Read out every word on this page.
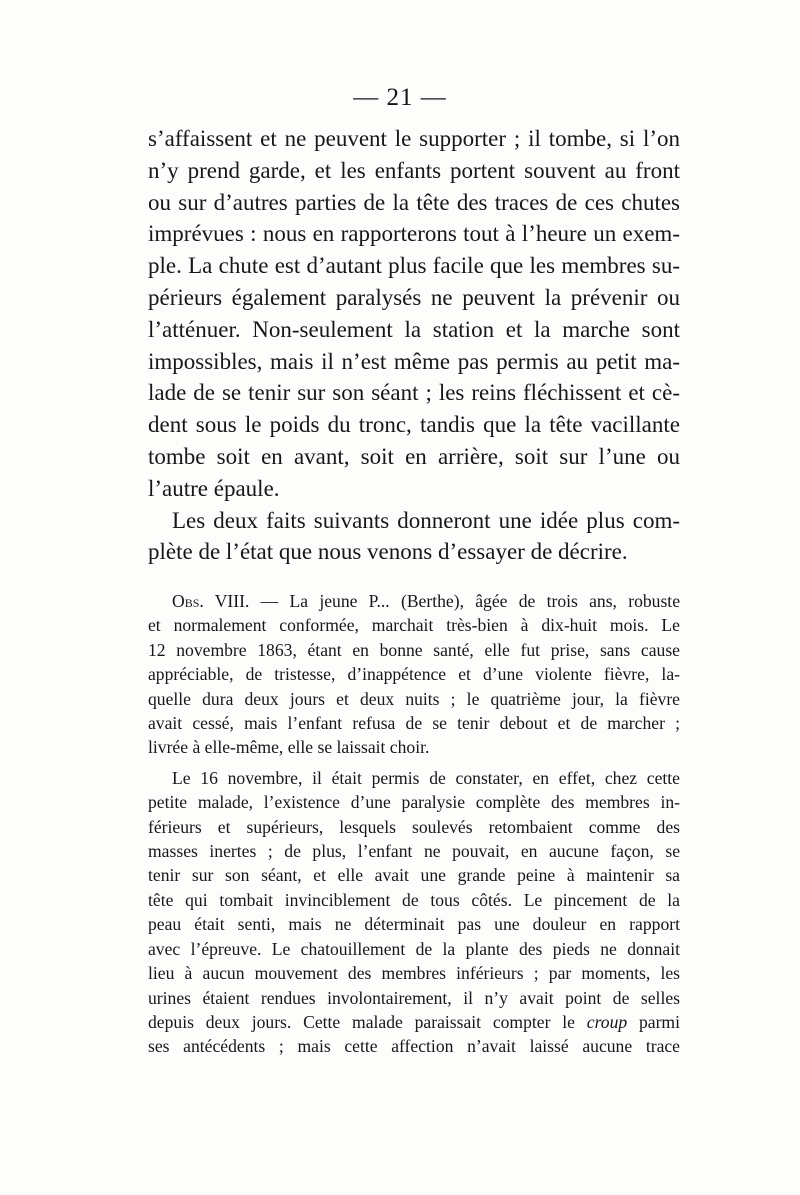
— 21 —
s’affaissent et ne peuvent le supporter ; il tombe, si l’on
n’y prend garde, et les enfants portent souvent au front
ou sur d’autres parties de la tête des traces de ces chutes
imprévues : nous en rapporterons tout à l’heure un exem-
ple. La chute est d’autant plus facile que les membres su-
périeurs également paralysés ne peuvent la prévenir ou
l’atténuer. Non-seulement la station et la marche sont
impossibles, mais il n’est même pas permis au petit ma-
lade de se tenir sur son séant ; les reins fléchissent et cè-
dent sous le poids du tronc, tandis que la tête vacillante
tombe soit en avant, soit en arrière, soit sur l’une ou
l’autre épaule.
Les deux faits suivants donneront une idée plus com-
plète de l’état que nous venons d’essayer de décrire.
Obs. VIII. — La jeune P... (Berthe), âgée de trois ans, robuste
et normalement conformée, marchait très-bien à dix-huit mois. Le
12 novembre 1863, étant en bonne santé, elle fut prise, sans cause
appréciable, de tristesse, d’inappétence et d’une violente fièvre, la-
quelle dura deux jours et deux nuits ; le quatrième jour, la fièvre
avait cessé, mais l’enfant refusa de se tenir debout et de marcher ;
livrée à elle-même, elle se laissait choir.
Le 16 novembre, il était permis de constater, en effet, chez cette
petite malade, l’existence d’une paralysie complète des membres in-
férieurs et supérieurs, lesquels soulevés retombaient comme des
masses inertes ; de plus, l’enfant ne pouvait, en aucune façon, se
tenir sur son séant, et elle avait une grande peine à maintenir sa
tête qui tombait invinciblement de tous côtés. Le pincement de la
peau était senti, mais ne déterminait pas une douleur en rapport
avec l’épreuve. Le chatouillement de la plante des pieds ne donnait
lieu à aucun mouvement des membres inférieurs ; par moments, les
urines étaient rendues involontairement, il n’y avait point de selles
depuis deux jours. Cette malade paraissait compter le croup parmi
ses antécédents ; mais cette affection n’avait laissé aucune trace
